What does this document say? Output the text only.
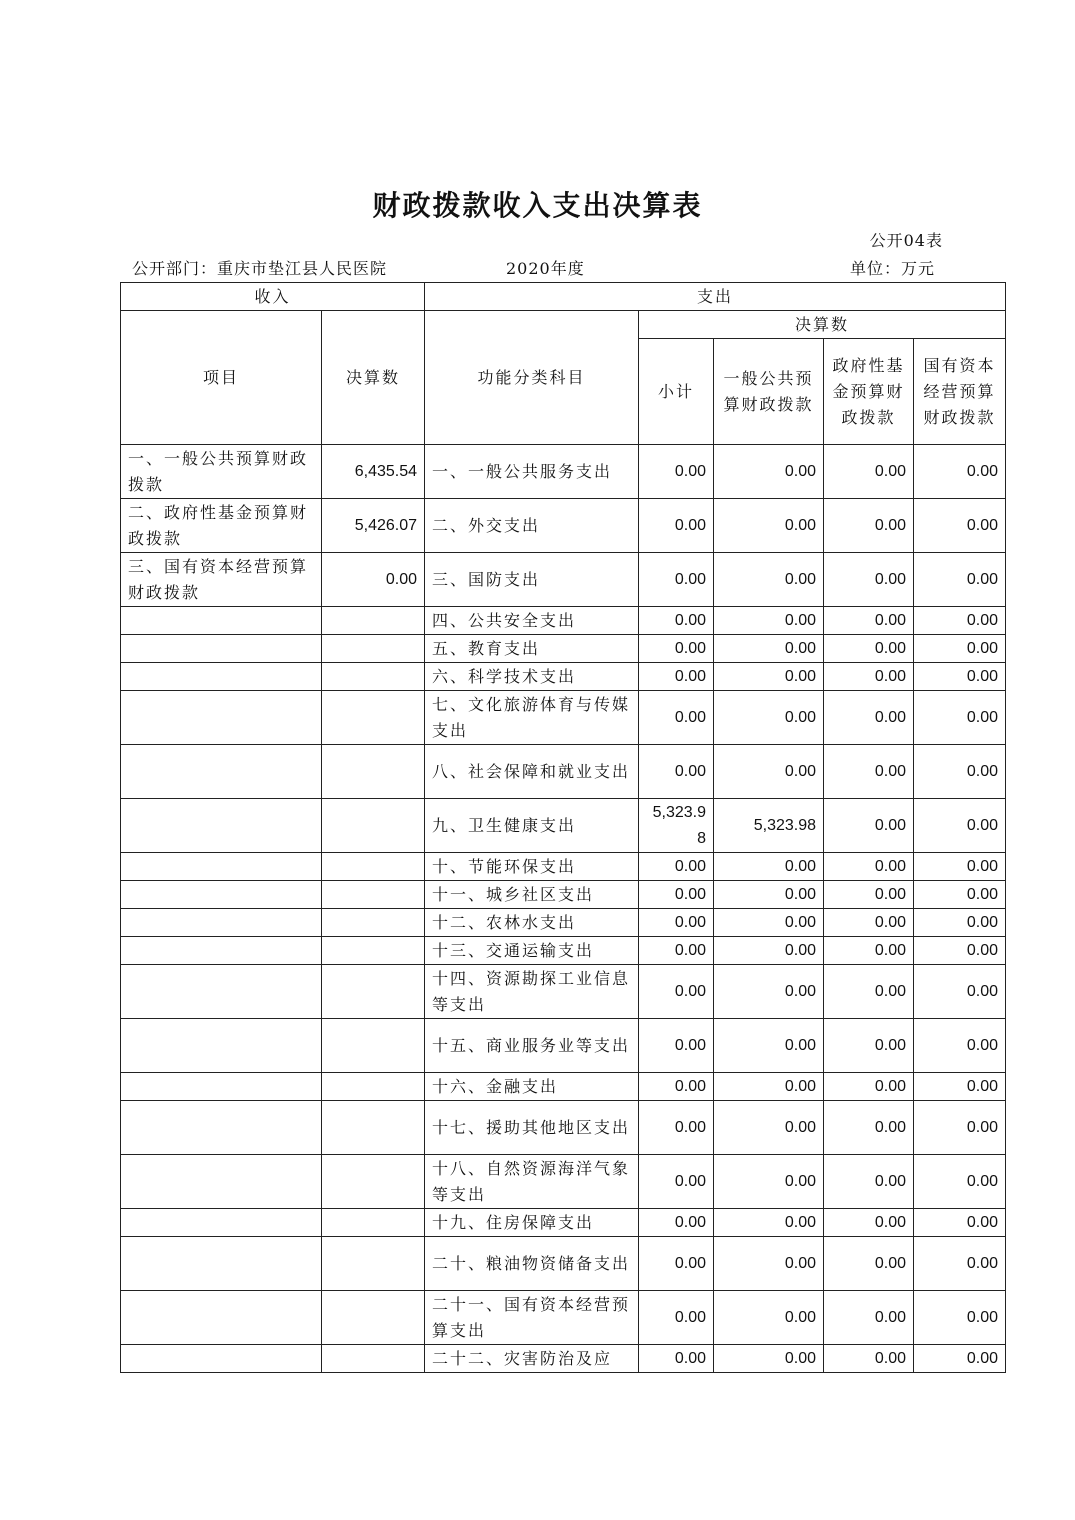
财政拨款收入支出决算表
公开04表
公开部门：重庆市垫江县人民医院	2020年度	单位：万元
收入		支出				
项目	决算数	功能分类科目	决算数			
			小计	一般公共预算财政拨款	政府性基金预算财政拨款	国有资本经营预算财政拨款
一、一般公共预算财政拨款	6,435.54	一、一般公共服务支出	0.00	0.00	0.00	0.00
二、政府性基金预算财政拨款	5,426.07	二、外交支出	0.00	0.00	0.00	0.00
三、国有资本经营预算财政拨款	0.00	三、国防支出	0.00	0.00	0.00	0.00
		四、公共安全支出	0.00	0.00	0.00	0.00
		五、教育支出	0.00	0.00	0.00	0.00
		六、科学技术支出	0.00	0.00	0.00	0.00
		七、文化旅游体育与传媒支出	0.00	0.00	0.00	0.00
		八、社会保障和就业支出	0.00	0.00	0.00	0.00
		九、卫生健康支出	5,323.98	5,323.98	0.00	0.00
		十、节能环保支出	0.00	0.00	0.00	0.00
		十一、城乡社区支出	0.00	0.00	0.00	0.00
		十二、农林水支出	0.00	0.00	0.00	0.00
		十三、交通运输支出	0.00	0.00	0.00	0.00
		十四、资源勘探工业信息等支出	0.00	0.00	0.00	0.00
		十五、商业服务业等支出	0.00	0.00	0.00	0.00
		十六、金融支出	0.00	0.00	0.00	0.00
		十七、援助其他地区支出	0.00	0.00	0.00	0.00
		十八、自然资源海洋气象等支出	0.00	0.00	0.00	0.00
		十九、住房保障支出	0.00	0.00	0.00	0.00
		二十、粮油物资储备支出	0.00	0.00	0.00	0.00
		二十一、国有资本经营预算支出	0.00	0.00	0.00	0.00
		二十二、灾害防治及应	0.00	0.00	0.00	0.00
